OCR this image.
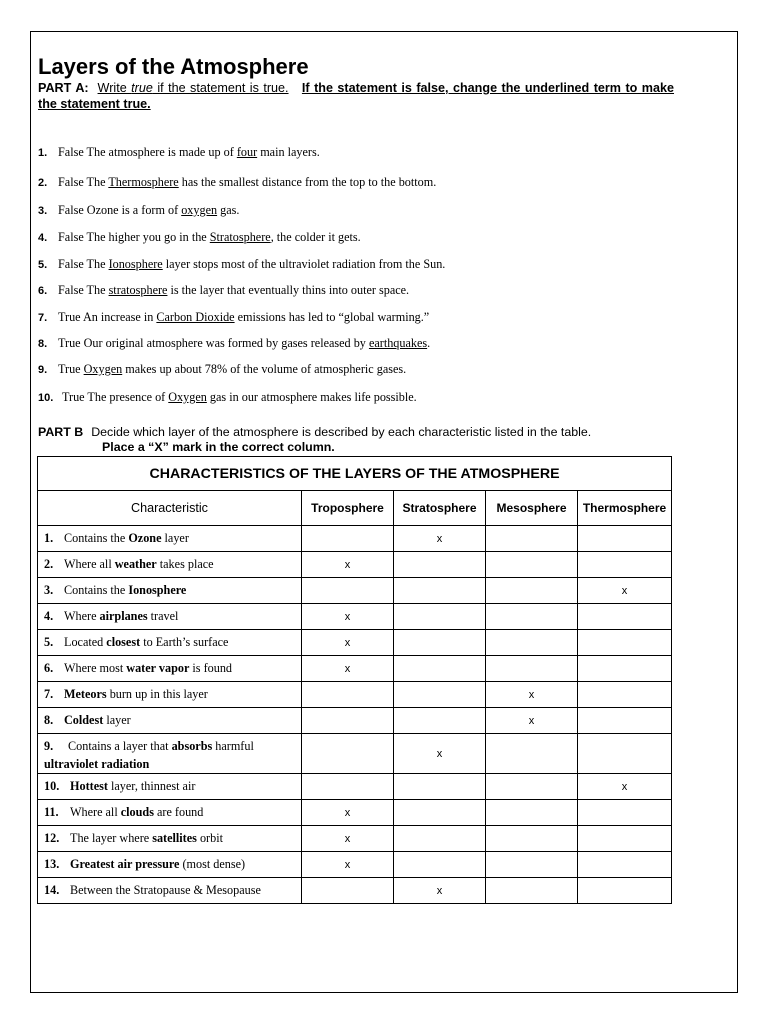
Layers of the Atmosphere
PART A: Write true if the statement is true. If the statement is false, change the underlined term to make the statement true.
1. False The atmosphere is made up of four main layers.
2. False The Thermosphere has the smallest distance from the top to the bottom.
3. False Ozone is a form of oxygen gas.
4. False The higher you go in the Stratosphere, the colder it gets.
5. False The Ionosphere layer stops most of the ultraviolet radiation from the Sun.
6. False The stratosphere is the layer that eventually thins into outer space.
7. True An increase in Carbon Dioxide emissions has led to “global warming.”
8. True Our original atmosphere was formed by gases released by earthquakes.
9. True Oxygen makes up about 78% of the volume of atmospheric gases.
10. True The presence of Oxygen gas in our atmosphere makes life possible.
PART B Decide which layer of the atmosphere is described by each characteristic listed in the table.
Place a “X” mark in the correct column.
CHARACTERISTICS OF THE LAYERS OF THE ATMOSPHERE				
Characteristic	Troposphere	Stratosphere	Mesosphere	Thermosphere
1. Contains the Ozone layer		x		
2. Where all weather takes place	x			
3. Contains the Ionosphere				x
4. Where airplanes travel	x			
5. Located closest to Earth’s surface	x			
6. Where most water vapor is found	x			
7. Meteors burn up in this layer			x	
8. Coldest layer			x	
9. Contains a layer that absorbs harmful ultraviolet radiation		x		
10. Hottest layer, thinnest air				x
11. Where all clouds are found	x			
12. The layer where satellites orbit	x			
13. Greatest air pressure (most dense)	x			
14. Between the Stratopause & Mesopause		x		
